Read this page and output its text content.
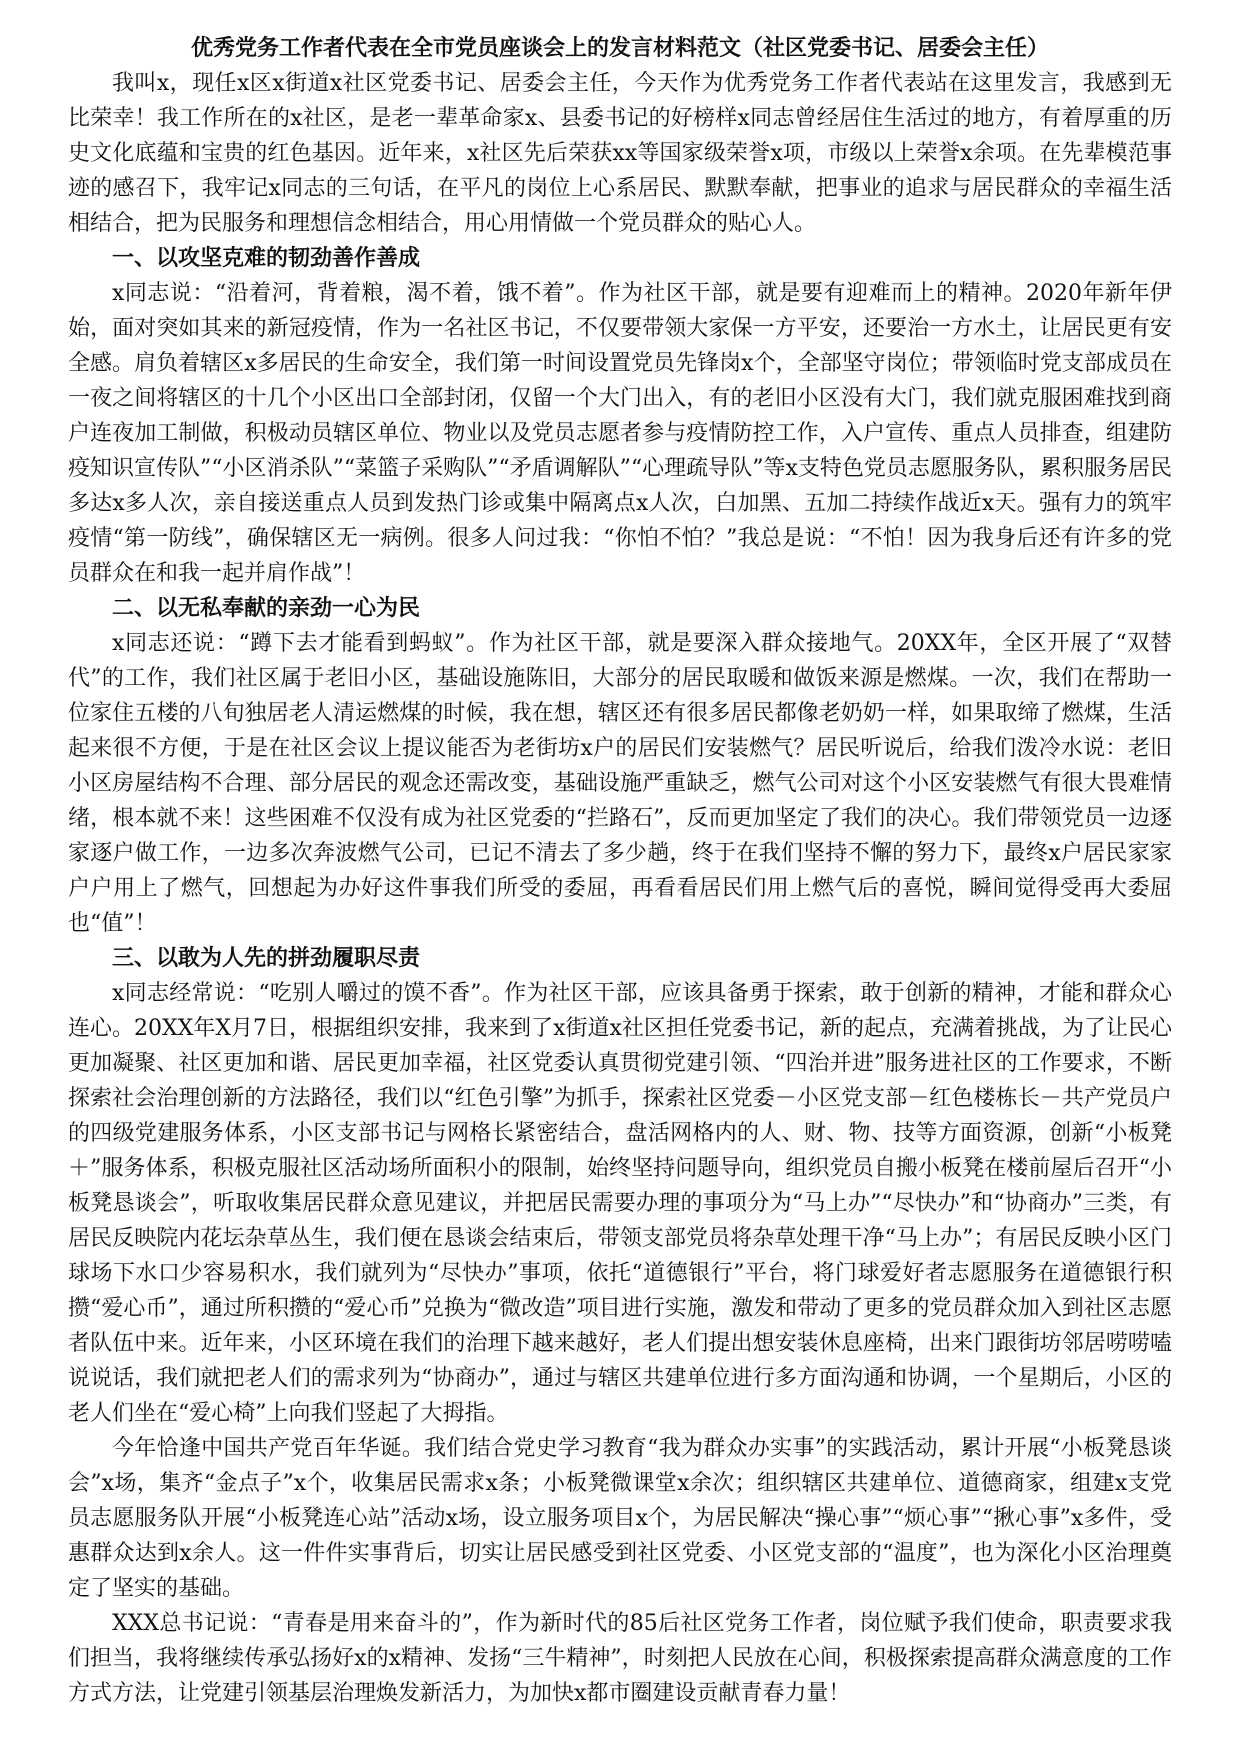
优秀党务工作者代表在全市党员座谈会上的发言材料范文（社区党委书记、居委会主任）

我叫x，现任x区x街道x社区党委书记、居委会主任，今天作为优秀党务工作者代表站在这里发言，我感到无比荣幸！我工作所在的x社区，是老一辈革命家x、县委书记的好榜样x同志曾经居住生活过的地方，有着厚重的历史文化底蕴和宝贵的红色基因。近年来，x社区先后荣获xx等国家级荣誉x项，市级以上荣誉x余项。在先辈模范事迹的感召下，我牢记x同志的三句话，在平凡的岗位上心系居民、默默奉献，把事业的追求与居民群众的幸福生活相结合，把为民服务和理想信念相结合，用心用情做一个党员群众的贴心人。

一、以攻坚克难的韧劲善作善成

x同志说：“沿着河，背着粮，渴不着，饿不着”。作为社区干部，就是要有迎难而上的精神。2020年新年伊始，面对突如其来的新冠疫情，作为一名社区书记，不仅要带领大家保一方平安，还要治一方水土，让居民更有安全感。肩负着辖区x多居民的生命安全，我们第一时间设置党员先锋岗x个，全部坚守岗位；带领临时党支部成员在一夜之间将辖区的十几个小区出口全部封闭，仅留一个大门出入，有的老旧小区没有大门，我们就克服困难找到商户连夜加工制做，积极动员辖区单位、物业以及党员志愿者参与疫情防控工作，入户宣传、重点人员排查，组建防疫知识宣传队”“小区消杀队”“菜篮子采购队”“矛盾调解队”“心理疏导队”等x支特色党员志愿服务队，累积服务居民多达x多人次，亲自接送重点人员到发热门诊或集中隔离点x人次，白加黑、五加二持续作战近x天。强有力的筑牢疫情“第一防线”，确保辖区无一病例。很多人问过我：“你怕不怕？”我总是说：“不怕！因为我身后还有许多的党员群众在和我一起并肩作战”！

二、以无私奉献的亲劲一心为民

x同志还说：“蹲下去才能看到蚂蚁”。作为社区干部，就是要深入群众接地气。20XX年，全区开展了“双替代”的工作，我们社区属于老旧小区，基础设施陈旧，大部分的居民取暖和做饭来源是燃煤。一次，我们在帮助一位家住五楼的八旬独居老人清运燃煤的时候，我在想，辖区还有很多居民都像老奶奶一样，如果取缔了燃煤，生活起来很不方便，于是在社区会议上提议能否为老街坊x户的居民们安装燃气？居民听说后，给我们泼冷水说：老旧小区房屋结构不合理、部分居民的观念还需改变，基础设施严重缺乏，燃气公司对这个小区安装燃气有很大畏难情绪，根本就不来！这些困难不仅没有成为社区党委的“拦路石”，反而更加坚定了我们的决心。我们带领党员一边逐家逐户做工作，一边多次奔波燃气公司，已记不清去了多少趟，终于在我们坚持不懈的努力下，最终x户居民家家户户用上了燃气，回想起为办好这件事我们所受的委屈，再看看居民们用上燃气后的喜悦，瞬间觉得受再大委屈也“值”！

三、以敢为人先的拼劲履职尽责

x同志经常说：“吃别人嚼过的馍不香”。作为社区干部，应该具备勇于探索，敢于创新的精神，才能和群众心连心。20XX年X月7日，根据组织安排，我来到了x街道x社区担任党委书记，新的起点，充满着挑战，为了让民心更加凝聚、社区更加和谐、居民更加幸福，社区党委认真贯彻党建引领、“四治并进”服务进社区的工作要求，不断探索社会治理创新的方法路径，我们以“红色引擎”为抓手，探索社区党委－小区党支部－红色楼栋长－共产党员户的四级党建服务体系，小区支部书记与网格长紧密结合，盘活网格内的人、财、物、技等方面资源，创新“小板凳＋”服务体系，积极克服社区活动场所面积小的限制，始终坚持问题导向，组织党员自搬小板凳在楼前屋后召开“小板凳恳谈会”，听取收集居民群众意见建议，并把居民需要办理的事项分为“马上办”“尽快办”和“协商办”三类，有居民反映院内花坛杂草丛生，我们便在恳谈会结束后，带领支部党员将杂草处理干净“马上办”；有居民反映小区门球场下水口少容易积水，我们就列为“尽快办”事项，依托“道德银行”平台，将门球爱好者志愿服务在道德银行积攒“爱心币”，通过所积攒的“爱心币”兑换为“微改造”项目进行实施，激发和带动了更多的党员群众加入到社区志愿者队伍中来。近年来，小区环境在我们的治理下越来越好，老人们提出想安装休息座椅，出来门跟街坊邻居唠唠嗑说说话，我们就把老人们的需求列为“协商办”，通过与辖区共建单位进行多方面沟通和协调，一个星期后，小区的老人们坐在“爱心椅”上向我们竖起了大拇指。

今年恰逢中国共产党百年华诞。我们结合党史学习教育“我为群众办实事”的实践活动，累计开展“小板凳恳谈会”x场，集齐“金点子”x个，收集居民需求x条；小板凳微课堂x余次；组织辖区共建单位、道德商家，组建x支党员志愿服务队开展“小板凳连心站”活动x场，设立服务项目x个，为居民解决“操心事”“烦心事”“揪心事”x多件，受惠群众达到x余人。这一件件实事背后，切实让居民感受到社区党委、小区党支部的“温度”，也为深化小区治理奠定了坚实的基础。

XXX总书记说：“青春是用来奋斗的”，作为新时代的85后社区党务工作者，岗位赋予我们使命，职责要求我们担当，我将继续传承弘扬好x的x精神、发扬“三牛精神”，时刻把人民放在心间，积极探索提高群众满意度的工作方式方法，让党建引领基层治理焕发新活力，为加快x都市圈建设贡献青春力量！
